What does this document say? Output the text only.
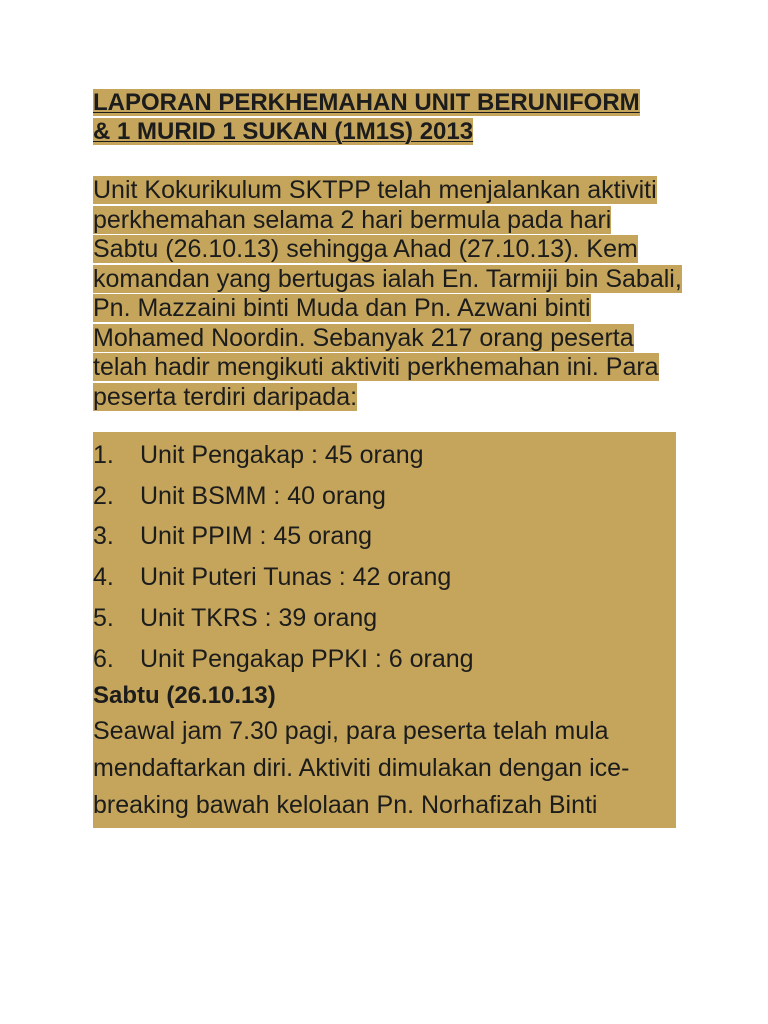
LAPORAN PERKHEMAHAN UNIT BERUNIFORM & 1 MURID 1 SUKAN (1M1S) 2013

Unit Kokurikulum SKTPP telah menjalankan aktiviti perkhemahan selama 2 hari bermula pada hari Sabtu (26.10.13) sehingga Ahad (27.10.13). Kem komandan yang bertugas ialah En. Tarmiji bin Sabali, Pn. Mazzaini binti Muda dan Pn. Azwani binti Mohamed Noordin. Sebanyak 217 orang peserta telah hadir mengikuti aktiviti perkhemahan ini. Para peserta terdiri daripada:

1.	Unit Pengakap : 45 orang
2.	Unit BSMM : 40 orang
3.	Unit PPIM : 45 orang
4.	Unit Puteri Tunas : 42 orang
5.	Unit TKRS : 39 orang
6.	Unit Pengakap PPKI : 6 orang
Sabtu (26.10.13)

Seawal jam 7.30 pagi, para peserta telah mula mendaftarkan diri. Aktiviti dimulakan dengan ice-breaking bawah kelolaan Pn. Norhafizah Binti
